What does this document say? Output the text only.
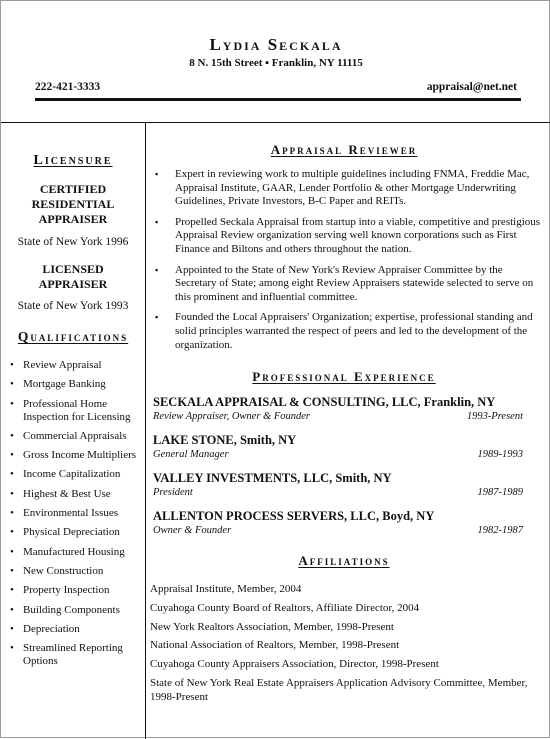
Lydia Seckala
8 N. 15th Street ▪ Franklin, NY 11115
222-421-3333	appraisal@net.net
Licensure
CERTIFIED RESIDENTIAL APPRAISER
State of New York 1996
LICENSED APPRAISER
State of New York 1993
Qualifications
• Review Appraisal
• Mortgage Banking
• Professional Home Inspection for Licensing
• Commercial Appraisals
• Gross Income Multipliers
• Income Capitalization
• Highest & Best Use
• Environmental Issues
• Physical Depreciation
• Manufactured Housing
• New Construction
• Property Inspection
• Building Components
• Depreciation
• Streamlined Reporting Options
Appraisal Reviewer
▪ Expert in reviewing work to multiple guidelines including FNMA, Freddie Mac, Appraisal Institute, GAAR, Lender Portfolio & other Mortgage Underwriting Guidelines, Private Investors, B-C Paper and REITs.
▪ Propelled Seckala Appraisal from startup into a viable, competitive and prestigious Appraisal Review organization serving well known corporations such as First Finance and Biltons and others throughout the nation.
▪ Appointed to the State of New York's Review Appraiser Committee by the Secretary of State; among eight Review Appraisers statewide selected to serve on this prominent and influential committee.
▪ Founded the Local Appraisers' Organization; expertise, professional standing and solid principles warranted the respect of peers and led to the development of the organization.
Professional Experience
SECKALA APPRAISAL & CONSULTING, LLC, Franklin, NY
Review Appraiser, Owner & Founder	1993-Present
LAKE STONE, Smith, NY
General Manager	1989-1993
VALLEY INVESTMENTS, LLC, Smith, NY
President	1987-1989
ALLENTON PROCESS SERVERS, LLC, Boyd, NY
Owner & Founder	1982-1987
Affiliations
Appraisal Institute, Member, 2004
Cuyahoga County Board of Realtors, Affiliate Director, 2004
New York Realtors Association, Member, 1998-Present
National Association of Realtors, Member, 1998-Present
Cuyahoga County Appraisers Association, Director, 1998-Present
State of New York Real Estate Appraisers Application Advisory Committee, Member, 1998-Present
